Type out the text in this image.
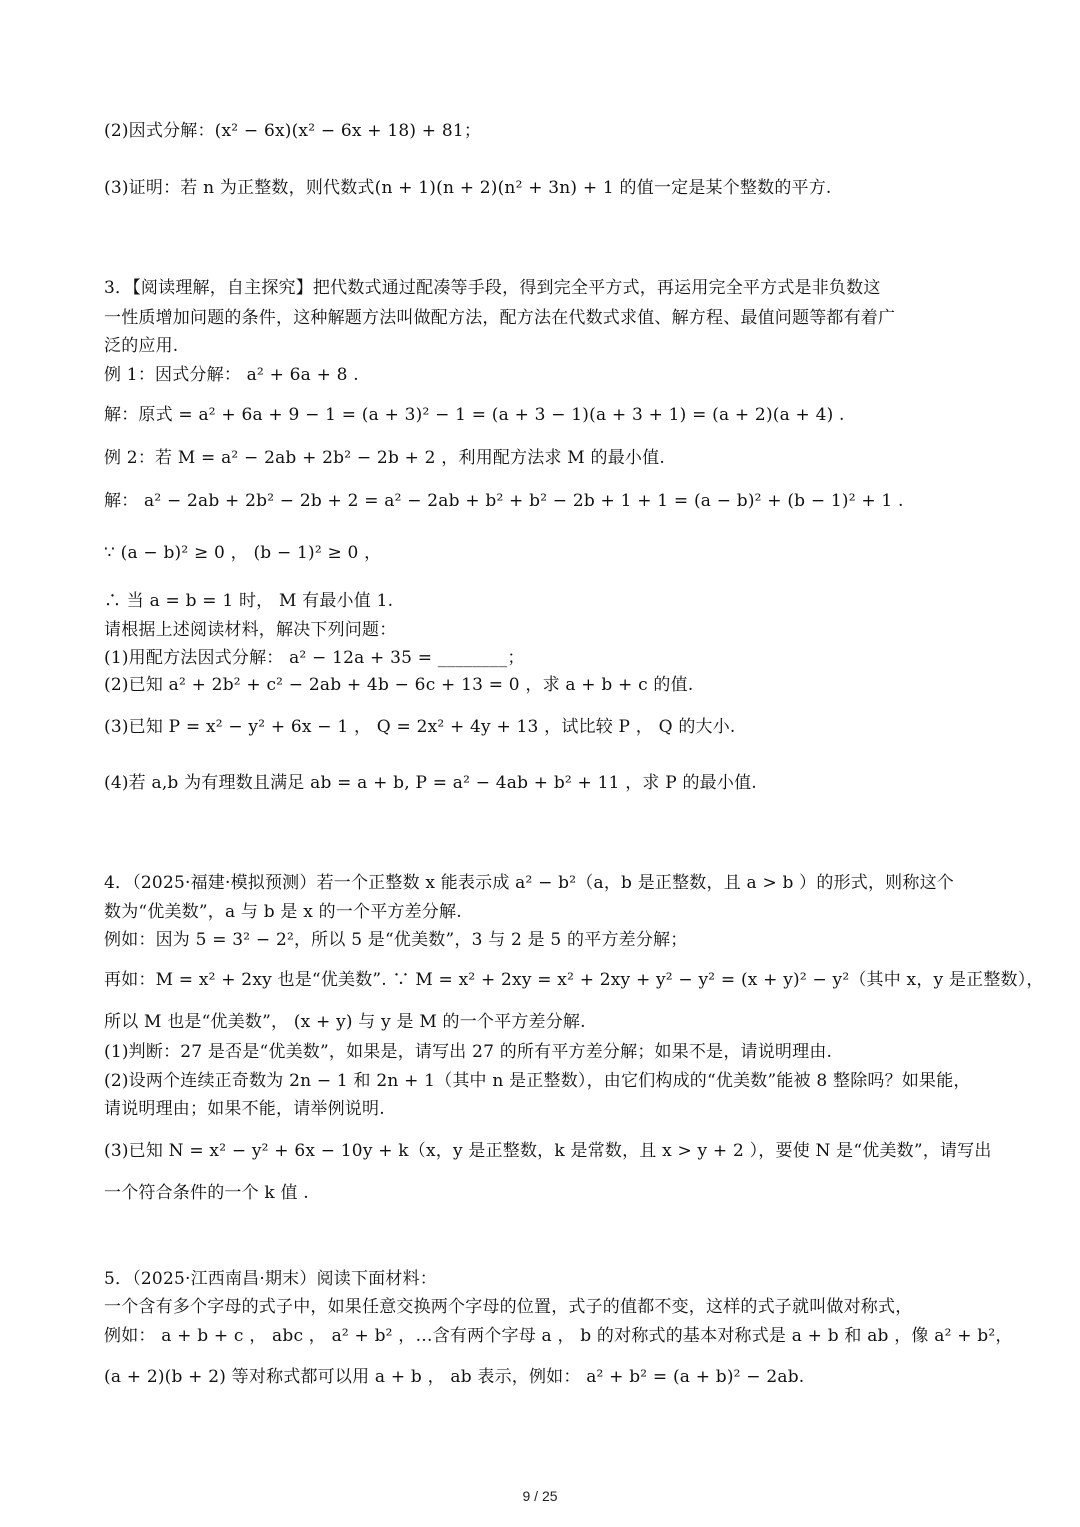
(2)因式分解：(x² − 6x)(x² − 6x + 18) + 81；
(3)证明：若 n 为正整数，则代数式(n + 1)(n + 2)(n² + 3n) + 1 的值一定是某个整数的平方.
3．【阅读理解，自主探究】把代数式通过配凑等手段，得到完全平方式，再运用完全平方式是非负数这
一性质增加问题的条件，这种解题方法叫做配方法，配方法在代数式求值、解方程、最值问题等都有着广
泛的应用.
例 1：因式分解： a² + 6a + 8 .
解：原式 = a² + 6a + 9 − 1 = (a + 3)² − 1 = (a + 3 − 1)(a + 3 + 1) = (a + 2)(a + 4) .
例 2：若 M = a² − 2ab + 2b² − 2b + 2 ，利用配方法求 M 的最小值.
解： a² − 2ab + 2b² − 2b + 2 = a² − 2ab + b² + b² − 2b + 1 + 1 = (a − b)² + (b − 1)² + 1 .
∵ (a − b)² ≥ 0 ， (b − 1)² ≥ 0 ，
∴ 当 a = b = 1 时， M 有最小值 1.
请根据上述阅读材料，解决下列问题：
(1)用配方法因式分解： a² − 12a + 35 = ________；
(2)已知 a² + 2b² + c² − 2ab + 4b − 6c + 13 = 0 ，求 a + b + c 的值.
(3)已知 P = x² − y² + 6x − 1 ， Q = 2x² + 4y + 13 ，试比较 P ， Q 的大小.
(4)若 a,b 为有理数且满足 ab = a + b, P = a² − 4ab + b² + 11 ，求 P 的最小值.
4．（2025·福建·模拟预测）若一个正整数 x 能表示成 a² − b²（a，b 是正整数，且 a > b ）的形式，则称这个
数为“优美数”，a 与 b 是 x 的一个平方差分解.
例如：因为 5 = 3² − 2²，所以 5 是“优美数”，3 与 2 是 5 的平方差分解；
再如：M = x² + 2xy 也是“优美数”. ∵ M = x² + 2xy = x² + 2xy + y² − y² = (x + y)² − y²（其中 x，y 是正整数），
所以 M 也是“优美数”， (x + y) 与 y 是 M 的一个平方差分解.
(1)判断：27 是否是“优美数”，如果是，请写出 27 的所有平方差分解；如果不是，请说明理由.
(2)设两个连续正奇数为 2n − 1 和 2n + 1（其中 n 是正整数），由它们构成的“优美数”能被 8 整除吗？如果能，
请说明理由；如果不能，请举例说明.
(3)已知 N = x² − y² + 6x − 10y + k（x，y 是正整数，k 是常数，且 x > y + 2 ），要使 N 是“优美数”，请写出
一个符合条件的一个 k 值 .
5．（2025·江西南昌·期末）阅读下面材料：
一个含有多个字母的式子中，如果任意交换两个字母的位置，式子的值都不变，这样的式子就叫做对称式，
例如： a + b + c ， abc ， a² + b² ，…含有两个字母 a ， b 的对称式的基本对称式是 a + b 和 ab ，像 a² + b²，
(a + 2)(b + 2) 等对称式都可以用 a + b ， ab 表示，例如： a² + b² = (a + b)² − 2ab.
9 / 25
